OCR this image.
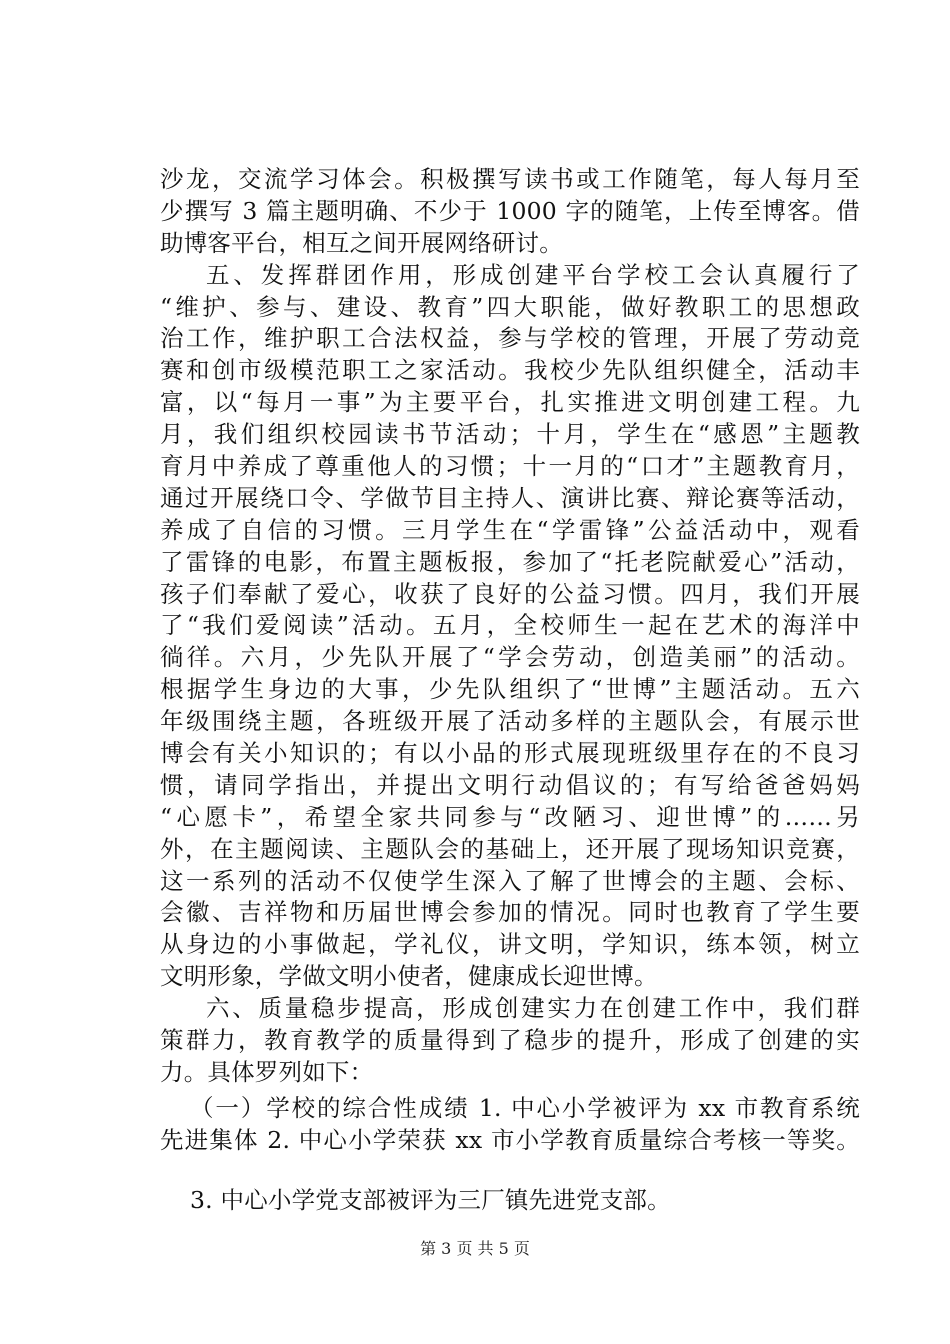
沙龙，交流学习体会。积极撰写读书或工作随笔，每人每月至
少撰写 3 篇主题明确、不少于 1000 字的随笔，上传至博客。借
助博客平台，相互之间开展网络研讨。
五、发挥群团作用，形成创建平台学校工会认真履行了
“维护、参与、建设、教育”四大职能，做好教职工的思想政
治工作，维护职工合法权益，参与学校的管理，开展了劳动竞
赛和创市级模范职工之家活动。我校少先队组织健全，活动丰
富，以“每月一事”为主要平台，扎实推进文明创建工程。九
月，我们组织校园读书节活动；十月，学生在“感恩”主题教
育月中养成了尊重他人的习惯；十一月的“口才”主题教育月，
通过开展绕口令、学做节目主持人、演讲比赛、辩论赛等活动，
养成了自信的习惯。三月学生在“学雷锋”公益活动中，观看
了雷锋的电影，布置主题板报，参加了“托老院献爱心”活动，
孩子们奉献了爱心，收获了良好的公益习惯。四月，我们开展
了“我们爱阅读”活动。五月，全校师生一起在艺术的海洋中
徜徉。六月，少先队开展了“学会劳动，创造美丽”的活动。
根据学生身边的大事，少先队组织了“世博”主题活动。五六
年级围绕主题，各班级开展了活动多样的主题队会，有展示世
博会有关小知识的；有以小品的形式展现班级里存在的不良习
惯，请同学指出，并提出文明行动倡议的；有写给爸爸妈妈
“心愿卡”，希望全家共同参与“改陋习、迎世博”的……另
外，在主题阅读、主题队会的基础上，还开展了现场知识竞赛，
这一系列的活动不仅使学生深入了解了世博会的主题、会标、
会徽、吉祥物和历届世博会参加的情况。同时也教育了学生要
从身边的小事做起，学礼仪，讲文明，学知识，练本领，树立
文明形象，学做文明小使者，健康成长迎世博。
六、质量稳步提高，形成创建实力在创建工作中，我们群
策群力，教育教学的质量得到了稳步的提升，形成了创建的实
力。具体罗列如下：
（一）学校的综合性成绩 1. 中心小学被评为 xx 市教育系统
先进集体 2. 中心小学荣获 xx 市小学教育质量综合考核一等奖。
3. 中心小学党支部被评为三厂镇先进党支部。
第 3 页 共 5 页
